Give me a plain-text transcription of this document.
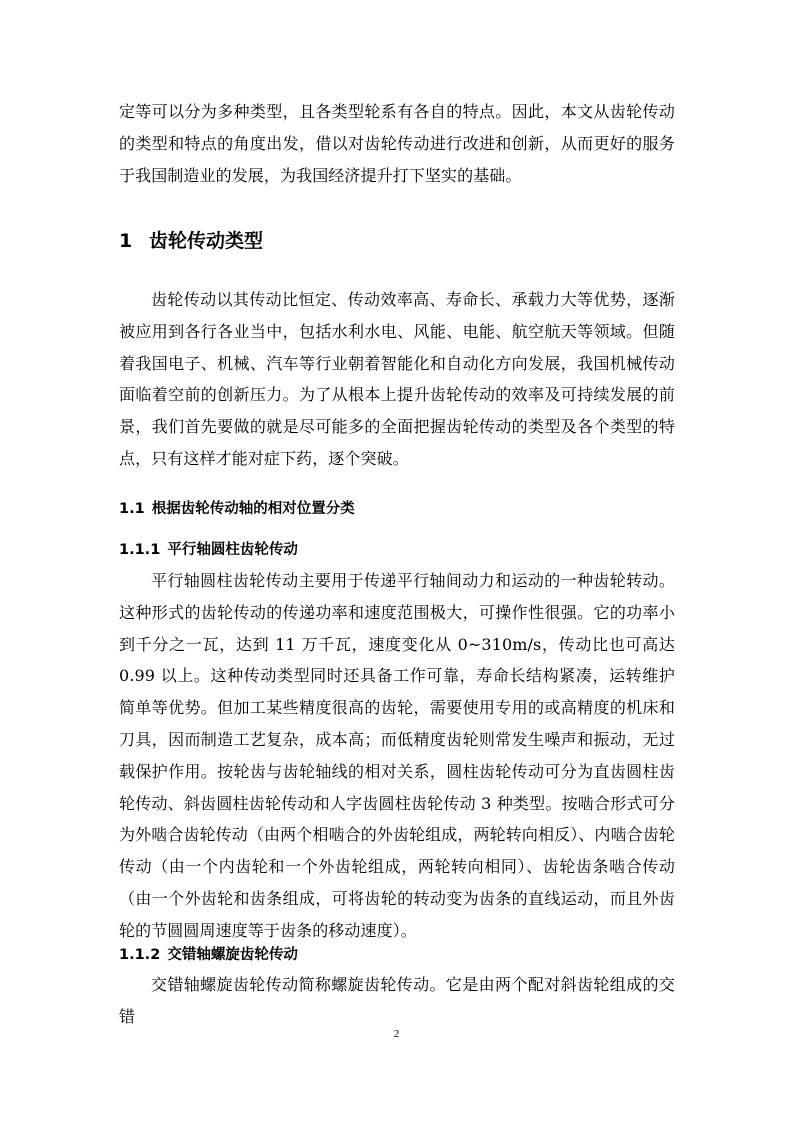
定等可以分为多种类型，且各类型轮系有各自的特点。因此，本文从齿轮传动的类型和特点的角度出发，借以对齿轮传动进行改进和创新，从而更好的服务于我国制造业的发展，为我国经济提升打下坚实的基础。

1 齿轮传动类型

齿轮传动以其传动比恒定、传动效率高、寿命长、承载力大等优势，逐渐被应用到各行各业当中，包括水利水电、风能、电能、航空航天等领域。但随着我国电子、机械、汽车等行业朝着智能化和自动化方向发展，我国机械传动面临着空前的创新压力。为了从根本上提升齿轮传动的效率及可持续发展的前景，我们首先要做的就是尽可能多的全面把握齿轮传动的类型及各个类型的特点，只有这样才能对症下药，逐个突破。

1.1 根据齿轮传动轴的相对位置分类
1.1.1 平行轴圆柱齿轮传动

平行轴圆柱齿轮传动主要用于传递平行轴间动力和运动的一种齿轮转动。这种形式的齿轮传动的传递功率和速度范围极大，可操作性很强。它的功率小到千分之一瓦，达到 11 万千瓦，速度变化从 0~310m/s，传动比也可高达 0.99 以上。这种传动类型同时还具备工作可靠，寿命长结构紧凑，运转维护简单等优势。但加工某些精度很高的齿轮，需要使用专用的或高精度的机床和刀具，因而制造工艺复杂，成本高；而低精度齿轮则常发生噪声和振动，无过载保护作用。按轮齿与齿轮轴线的相对关系，圆柱齿轮传动可分为直齿圆柱齿轮传动、斜齿圆柱齿轮传动和人字齿圆柱齿轮传动 3 种类型。按啮合形式可分为外啮合齿轮传动（由两个相啮合的外齿轮组成，两轮转向相反）、内啮合齿轮传动（由一个内齿轮和一个外齿轮组成，两轮转向相同）、齿轮齿条啮合传动（由一个外齿轮和齿条组成，可将齿轮的转动变为齿条的直线运动，而且外齿轮的节圆圆周速度等于齿条的移动速度）。

1.1.2 交错轴螺旋齿轮传动

交错轴螺旋齿轮传动简称螺旋齿轮传动。它是由两个配对斜齿轮组成的交错

2
